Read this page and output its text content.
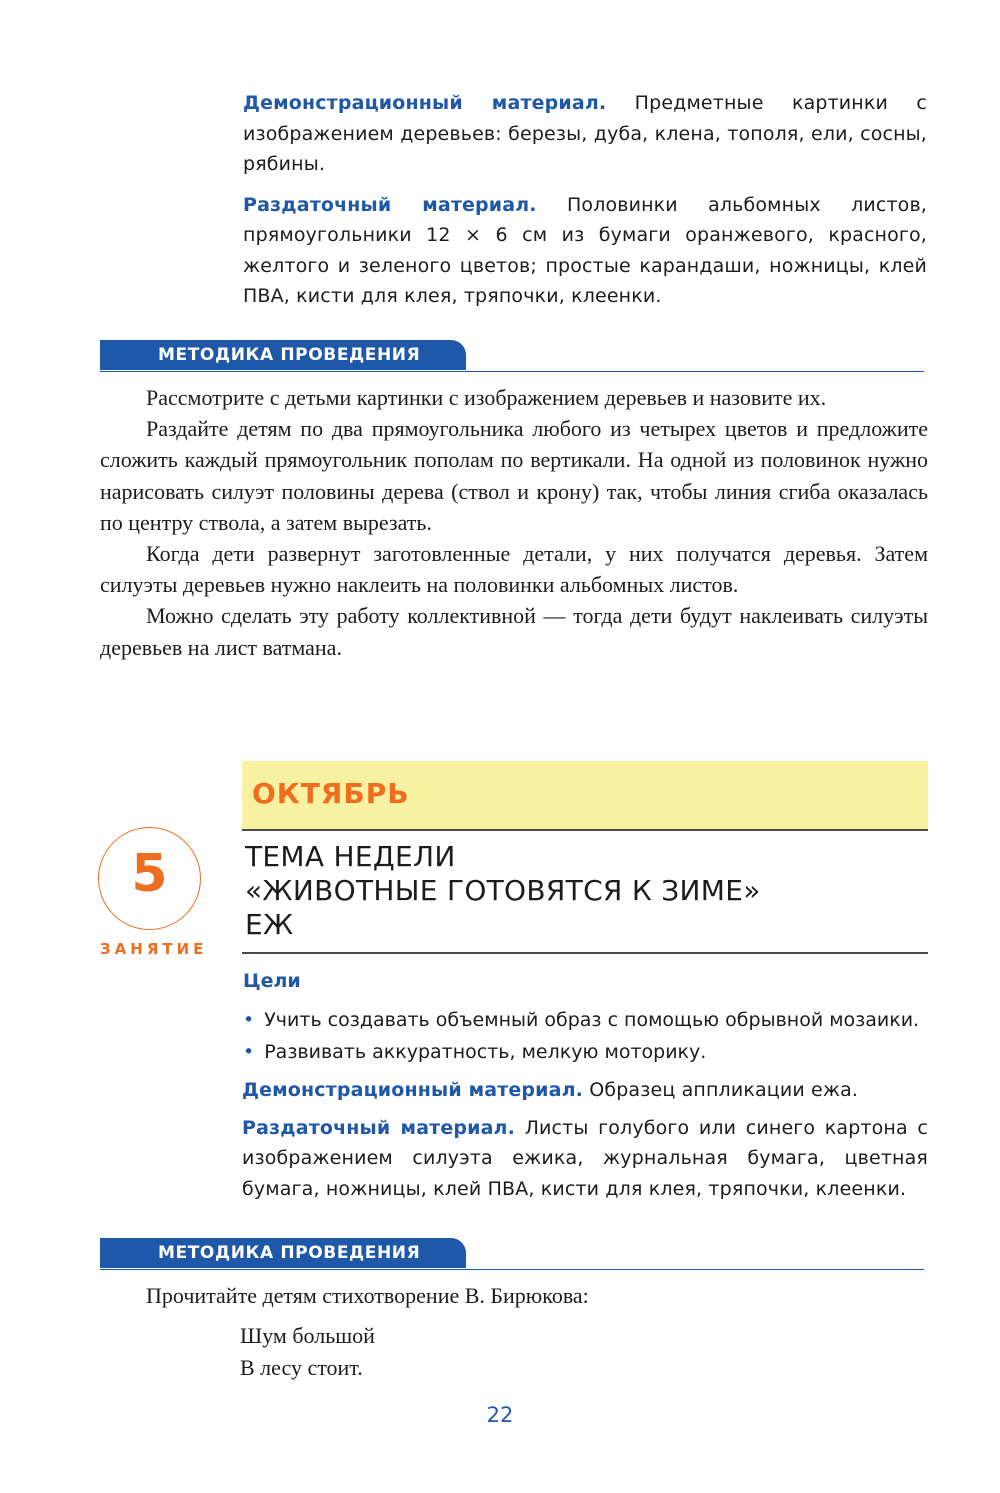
Демонстрационный материал. Предметные картинки с изображением деревьев: березы, дуба, клена, тополя, ели, сосны, рябины.

Раздаточный материал. Половинки альбомных листов, прямоугольники 12 × 6 см из бумаги оранжевого, красного, желтого и зеленого цветов; простые карандаши, ножницы, клей ПВА, кисти для клея, тряпочки, клеенки.

МЕТОДИКА ПРОВЕДЕНИЯ

Рассмотрите с детьми картинки с изображением деревьев и назовите их.

Раздайте детям по два прямоугольника любого из четырех цветов и предложите сложить каждый прямоугольник пополам по вертикали. На одной из половинок нужно нарисовать силуэт половины дерева (ствол и крону) так, чтобы линия сгиба оказалась по центру ствола, а затем вырезать.

Когда дети развернут заготовленные детали, у них получатся деревья. Затем силуэты деревьев нужно наклеить на половинки альбомных листов.

Можно сделать эту работу коллективной — тогда дети будут наклеивать силуэты деревьев на лист ватмана.

ОКТЯБРЬ
5
ЗАНЯТИЕ
ТЕМА НЕДЕЛИ
«ЖИВОТНЫЕ ГОТОВЯТСЯ К ЗИМЕ»
ЕЖ
Цели
• Учить создавать объемный образ с помощью обрывной мозаики.
• Развивать аккуратность, мелкую моторику.

Демонстрационный материал. Образец аппликации ежа.

Раздаточный материал. Листы голубого или синего картона с изображением силуэта ежика, журнальная бумага, цветная бумага, ножницы, клей ПВА, кисти для клея, тряпочки, клеенки.

МЕТОДИКА ПРОВЕДЕНИЯ

Прочитайте детям стихотворение В. Бирюкова:

Шум большой
В лесу стоит.
22
